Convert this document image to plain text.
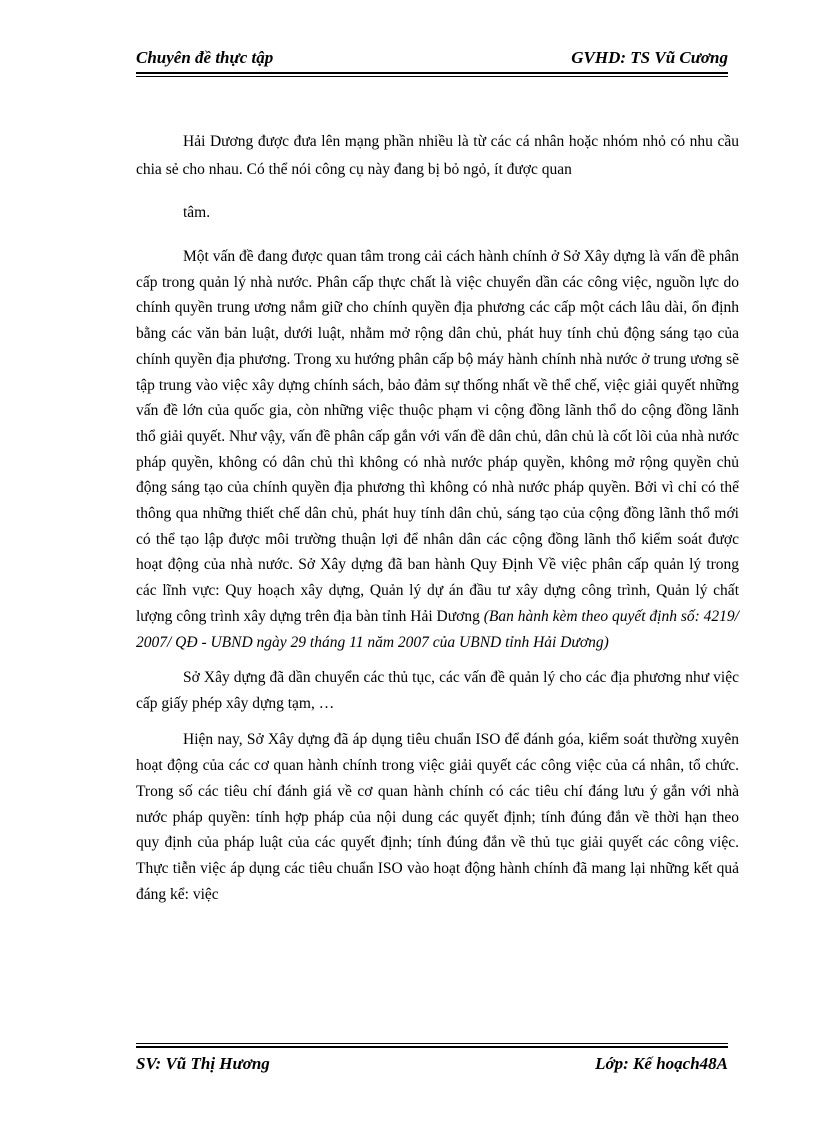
Chuyên đề thực tập	GVHD: TS Vũ Cương

Hải Dương được đưa lên mạng phần nhiều là từ các cá nhân hoặc nhóm nhỏ có nhu cầu chia sẻ cho nhau. Có thể nói công cụ này đang bị bỏ ngỏ, ít được quan

tâm.

Một vấn đề đang được quan tâm trong cải cách hành chính ở Sở Xây dựng là vấn đề phân cấp trong quản lý nhà nước. Phân cấp thực chất là việc chuyển dần các công việc, nguồn lực do chính quyền trung ương nắm giữ cho chính quyền địa phương các cấp một cách lâu dài, ổn định bằng các văn bản luật, dưới luật, nhằm mở rộng dân chủ, phát huy tính chủ động sáng tạo của chính quyền địa phương. Trong xu hướng phân cấp bộ máy hành chính nhà nước ở trung ương sẽ tập trung vào việc xây dựng chính sách, bảo đảm sự thống nhất về thể chế, việc giải quyết những vấn đề lớn của quốc gia, còn những việc thuộc phạm vi cộng đồng lãnh thổ do cộng đồng lãnh thổ giải quyết. Như vậy, vấn đề phân cấp gắn với vấn đề dân chủ, dân chủ là cốt lõi của nhà nước pháp quyền, không có dân chủ thì không có nhà nước pháp quyền, không mở rộng quyền chủ động sáng tạo của chính quyền địa phương thì không có nhà nước pháp quyền. Bởi vì chỉ có thể thông qua những thiết chế dân chủ, phát huy tính dân chủ, sáng tạo của cộng đồng lãnh thổ mới có thể tạo lập được môi trường thuận lợi để nhân dân các cộng đồng lãnh thổ kiểm soát được hoạt động của nhà nước. Sở Xây dựng đã ban hành Quy Định Về việc phân cấp quản lý trong các lĩnh vực: Quy hoạch xây dựng, Quản lý dự án đầu tư xây dựng công trình, Quản lý chất lượng công trình xây dựng trên địa bàn tỉnh Hải Dương (Ban hành kèm theo quyết định số: 4219/ 2007/ QĐ - UBND ngày 29 tháng 11 năm 2007 của UBND tỉnh Hải Dương)

Sở Xây dựng đã dần chuyển các thủ tục, các vấn đề quản lý cho các địa phương như việc cấp giấy phép xây dựng tạm, …

Hiện nay, Sở Xây dựng đã áp dụng tiêu chuẩn ISO để đánh góa, kiểm soát thường xuyên hoạt động của các cơ quan hành chính trong việc giải quyết các công việc của cá nhân, tổ chức. Trong số các tiêu chí đánh giá về cơ quan hành chính có các tiêu chí đáng lưu ý gắn với nhà nước pháp quyền: tính hợp pháp của nội dung các quyết định; tính đúng đắn về thời hạn theo quy định của pháp luật của các quyết định; tính đúng đắn về thủ tục giải quyết các công việc. Thực tiễn việc áp dụng các tiêu chuẩn ISO vào hoạt động hành chính đã mang lại những kết quả đáng kể: việc

SV: Vũ Thị Hương	Lớp: Kế hoạch48A
